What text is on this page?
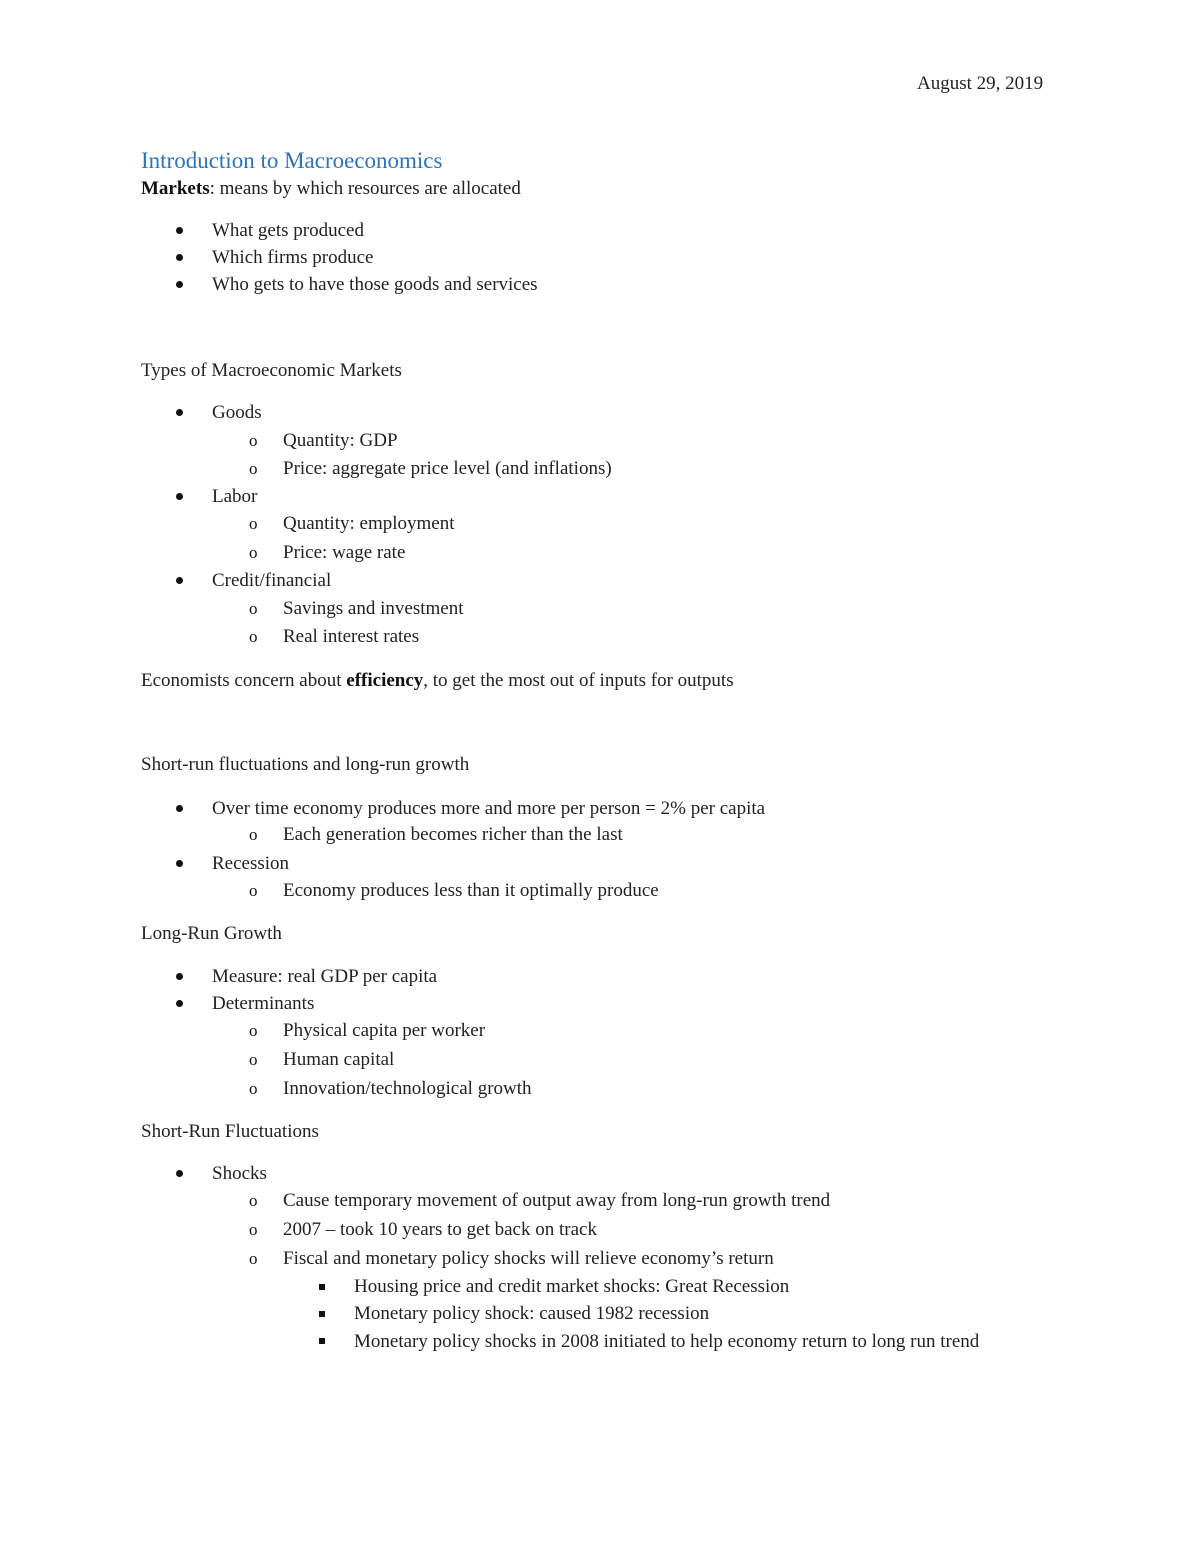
August 29, 2019
Introduction to Macroeconomics
Markets: means by which resources are allocated
What gets produced
Which firms produce
Who gets to have those goods and services
Types of Macroeconomic Markets
Goods
o Quantity: GDP
o Price: aggregate price level (and inflations)
Labor
o Quantity: employment
o Price: wage rate
Credit/financial
o Savings and investment
o Real interest rates
Economists concern about efficiency, to get the most out of inputs for outputs
Short-run fluctuations and long-run growth
Over time economy produces more and more per person = 2% per capita
o Each generation becomes richer than the last
Recession
o Economy produces less than it optimally produce
Long-Run Growth
Measure: real GDP per capita
Determinants
o Physical capita per worker
o Human capital
o Innovation/technological growth
Short-Run Fluctuations
Shocks
o Cause temporary movement of output away from long-run growth trend
o 2007 – took 10 years to get back on track
o Fiscal and monetary policy shocks will relieve economy’s return
Housing price and credit market shocks: Great Recession
Monetary policy shock: caused 1982 recession
Monetary policy shocks in 2008 initiated to help economy return to long run trend
